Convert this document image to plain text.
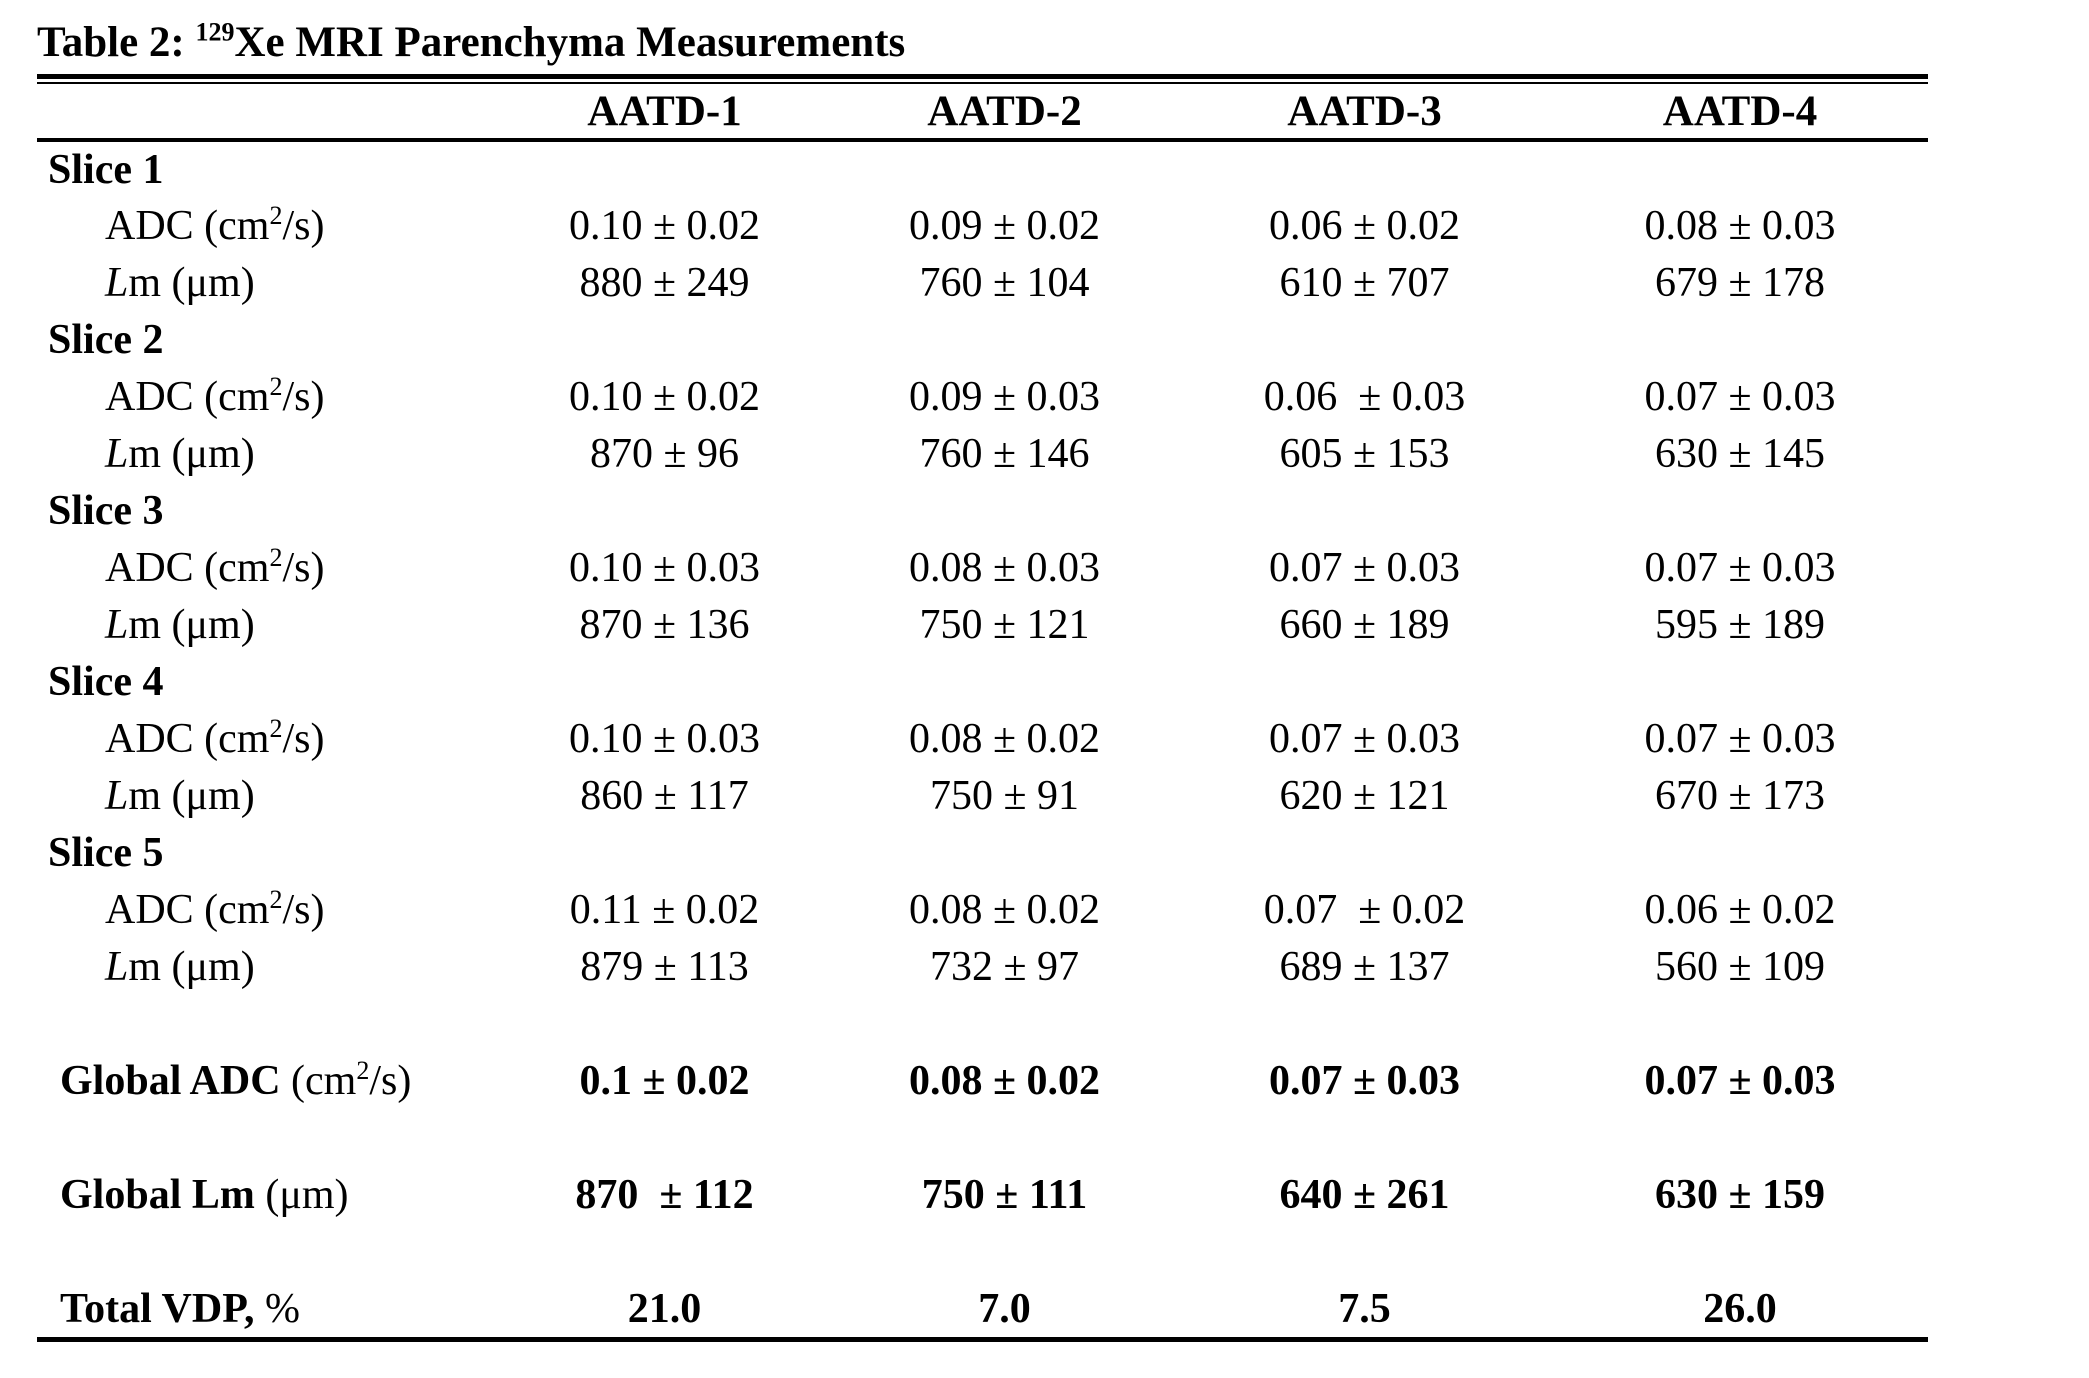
Table 2: $^{129}$Xe MRI Parenchyma Measurements
	AATD-1	AATD-2	AATD-3	AATD-4
Slice 1				
ADC $(cm^2/s)$	0.10 ± 0.02	0.09 ± 0.02	0.06 ± 0.02	0.08 ± 0.03
Lm (μm)	880 ± 249	760 ± 104	610 ± 707	679 ± 178
Slice 2				
ADC $(cm^2/s)$	0.10 ± 0.02	0.09 ± 0.03	0.06  ± 0.03	0.07 ± 0.03
Lm (μm)	870 ± 96	760 ± 146	605 ± 153	630 ± 145
Slice 3				
ADC $(cm^2/s)$	0.10 ± 0.03	0.08 ± 0.03	0.07 ± 0.03	0.07 ± 0.03
Lm (μm)	870 ± 136	750 ± 121	660 ± 189	595 ± 189
Slice 4				
ADC $(cm^2/s)$	0.10 ± 0.03	0.08 ± 0.02	0.07 ± 0.03	0.07 ± 0.03
Lm (μm)	860 ± 117	750 ± 91	620 ± 121	670 ± 173
Slice 5				
ADC $(cm^2/s)$	0.11 ± 0.02	0.08 ± 0.02	0.07  ± 0.02	0.06 ± 0.02
Lm (μm)	879 ± 113	732 ± 97	689 ± 137	560 ± 109

Global ADC $(cm^2/s)$	0.1 ± 0.02	0.08 ± 0.02	0.07 ± 0.03	0.07 ± 0.03

Global Lm (μm)	870  ± 112	750 ± 111	640 ± 261	630 ± 159

Total VDP, %	21.0	7.0	7.5	26.0
